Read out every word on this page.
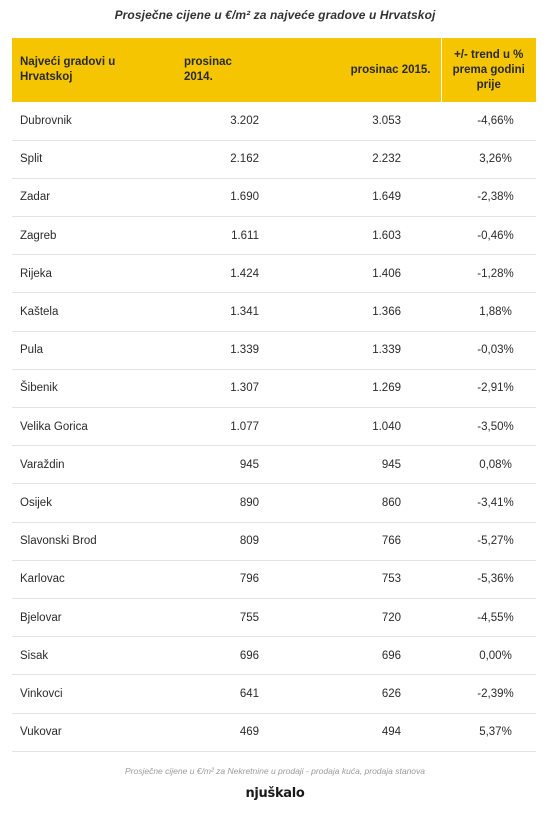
Prosječne cijene u €/m² za najveće gradove u Hrvatskoj
Najveći gradovi u Hrvatskoj	prosinac 2014.	prosinac 2015.	+/- trend u % prema godini prije
Dubrovnik	3.202	3.053	-4,66%
Split	2.162	2.232	3,26%
Zadar	1.690	1.649	-2,38%
Zagreb	1.611	1.603	-0,46%
Rijeka	1.424	1.406	-1,28%
Kaštela	1.341	1.366	1,88%
Pula	1.339	1.339	-0,03%
Šibenik	1.307	1.269	-2,91%
Velika Gorica	1.077	1.040	-3,50%
Varaždin	945	945	0,08%
Osijek	890	860	-3,41%
Slavonski Brod	809	766	-5,27%
Karlovac	796	753	-5,36%
Bjelovar	755	720	-4,55%
Sisak	696	696	0,00%
Vinkovci	641	626	-2,39%
Vukovar	469	494	5,37%
Prosječne cijene u €/m² za Nekretnine u prodaji - prodaja kuća, prodaja stanova
njuškalo
